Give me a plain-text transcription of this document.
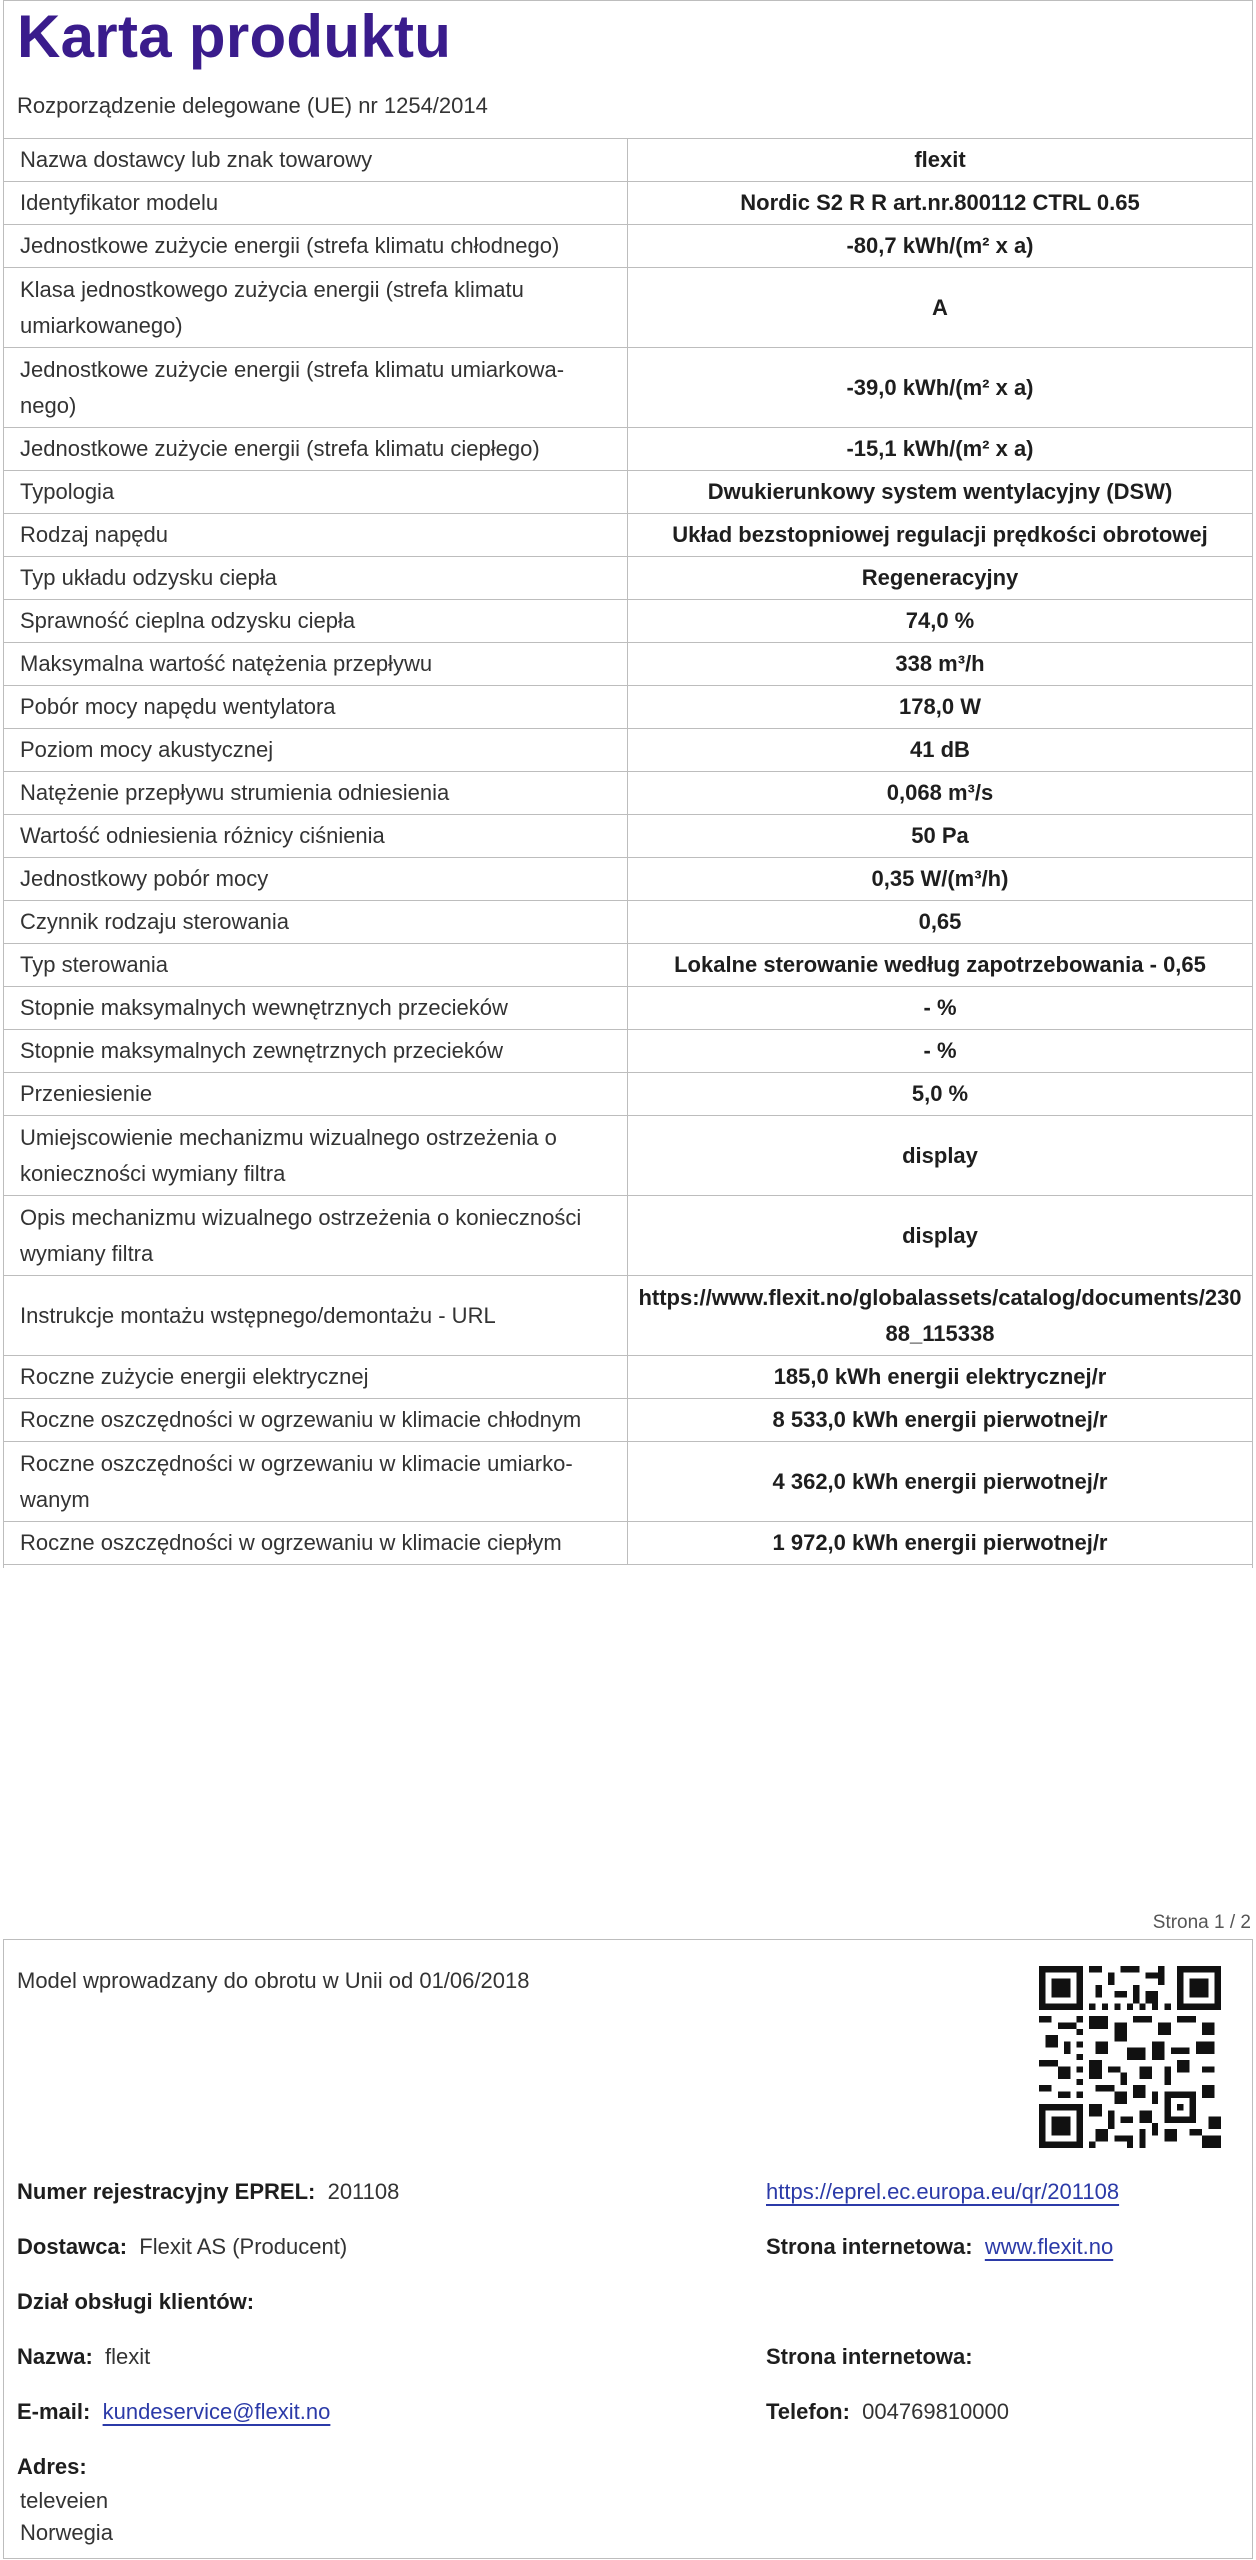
Karta produktu
Rozporządzenie delegowane (UE) nr 1254/2014
Nazwa dostawcy lub znak towarowy	flexit
Identyfikator modelu	Nordic S2 R R art.nr.800112 CTRL 0.65
Jednostkowe zużycie energii (strefa klimatu chłodnego)	-80,7 kWh/(m² x a)
Klasa jednostkowego zużycia energii (strefa klimatu umiarkowanego)	A
Jednostkowe zużycie energii (strefa klimatu umiarkowa-nego)	-39,0 kWh/(m² x a)
Jednostkowe zużycie energii (strefa klimatu ciepłego)	-15,1 kWh/(m² x a)
Typologia	Dwukierunkowy system wentylacyjny (DSW)
Rodzaj napędu	Układ bezstopniowej regulacji prędkości obrotowej
Typ układu odzysku ciepła	Regeneracyjny
Sprawność cieplna odzysku ciepła	74,0 %
Maksymalna wartość natężenia przepływu	338 m³/h
Pobór mocy napędu wentylatora	178,0 W
Poziom mocy akustycznej	41 dB
Natężenie przepływu strumienia odniesienia	0,068 m³/s
Wartość odniesienia różnicy ciśnienia	50 Pa
Jednostkowy pobór mocy	0,35 W/(m³/h)
Czynnik rodzaju sterowania	0,65
Typ sterowania	Lokalne sterowanie według zapotrzebowania - 0,65
Stopnie maksymalnych wewnętrznych przecieków	- %
Stopnie maksymalnych zewnętrznych przecieków	- %
Przeniesienie	5,0 %
Umiejscowienie mechanizmu wizualnego ostrzeżenia o konieczności wymiany filtra	display
Opis mechanizmu wizualnego ostrzeżenia o konieczności wymiany filtra	display
Instrukcje montażu wstępnego/demontażu - URL	https://www.flexit.no/globalassets/catalog/documents/23088_115338
Roczne zużycie energii elektrycznej	185,0 kWh energii elektrycznej/r
Roczne oszczędności w ogrzewaniu w klimacie chłodnym	8 533,0 kWh energii pierwotnej/r
Roczne oszczędności w ogrzewaniu w klimacie umiarko-wanym	4 362,0 kWh energii pierwotnej/r
Roczne oszczędności w ogrzewaniu w klimacie ciepłym	1 972,0 kWh energii pierwotnej/r
Strona 1 / 2
Model wprowadzany do obrotu w Unii od 01/06/2018
Numer rejestracyjny EPREL: 201108	https://eprel.ec.europa.eu/qr/201108
Dostawca: Flexit AS (Producent)	Strona internetowa: www.flexit.no
Dział obsługi klientów:
Nazwa: flexit	Strona internetowa:
E-mail: kundeservice@flexit.no	Telefon: 004769810000
Adres:
televeien
Norwegia
